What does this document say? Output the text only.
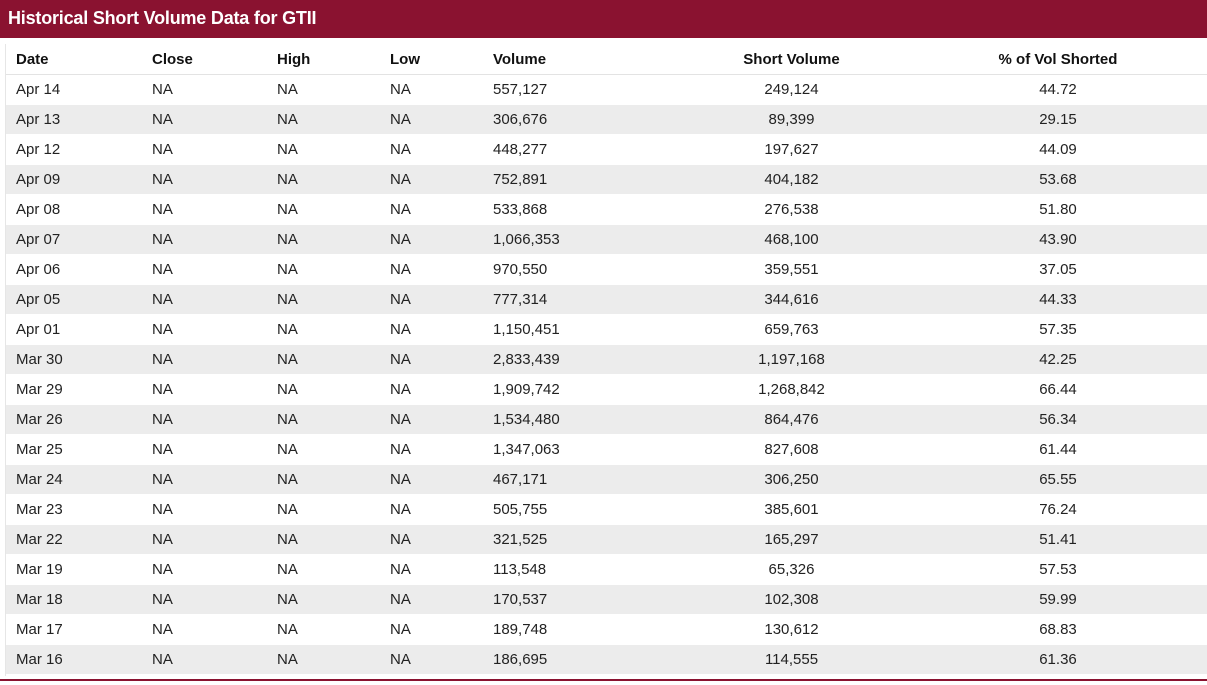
Historical Short Volume Data for GTII
Date	Close	High	Low	Volume	Short Volume	% of Vol Shorted
Apr 14	NA	NA	NA	557,127	249,124	44.72
Apr 13	NA	NA	NA	306,676	89,399	29.15
Apr 12	NA	NA	NA	448,277	197,627	44.09
Apr 09	NA	NA	NA	752,891	404,182	53.68
Apr 08	NA	NA	NA	533,868	276,538	51.80
Apr 07	NA	NA	NA	1,066,353	468,100	43.90
Apr 06	NA	NA	NA	970,550	359,551	37.05
Apr 05	NA	NA	NA	777,314	344,616	44.33
Apr 01	NA	NA	NA	1,150,451	659,763	57.35
Mar 30	NA	NA	NA	2,833,439	1,197,168	42.25
Mar 29	NA	NA	NA	1,909,742	1,268,842	66.44
Mar 26	NA	NA	NA	1,534,480	864,476	56.34
Mar 25	NA	NA	NA	1,347,063	827,608	61.44
Mar 24	NA	NA	NA	467,171	306,250	65.55
Mar 23	NA	NA	NA	505,755	385,601	76.24
Mar 22	NA	NA	NA	321,525	165,297	51.41
Mar 19	NA	NA	NA	113,548	65,326	57.53
Mar 18	NA	NA	NA	170,537	102,308	59.99
Mar 17	NA	NA	NA	189,748	130,612	68.83
Mar 16	NA	NA	NA	186,695	114,555	61.36
